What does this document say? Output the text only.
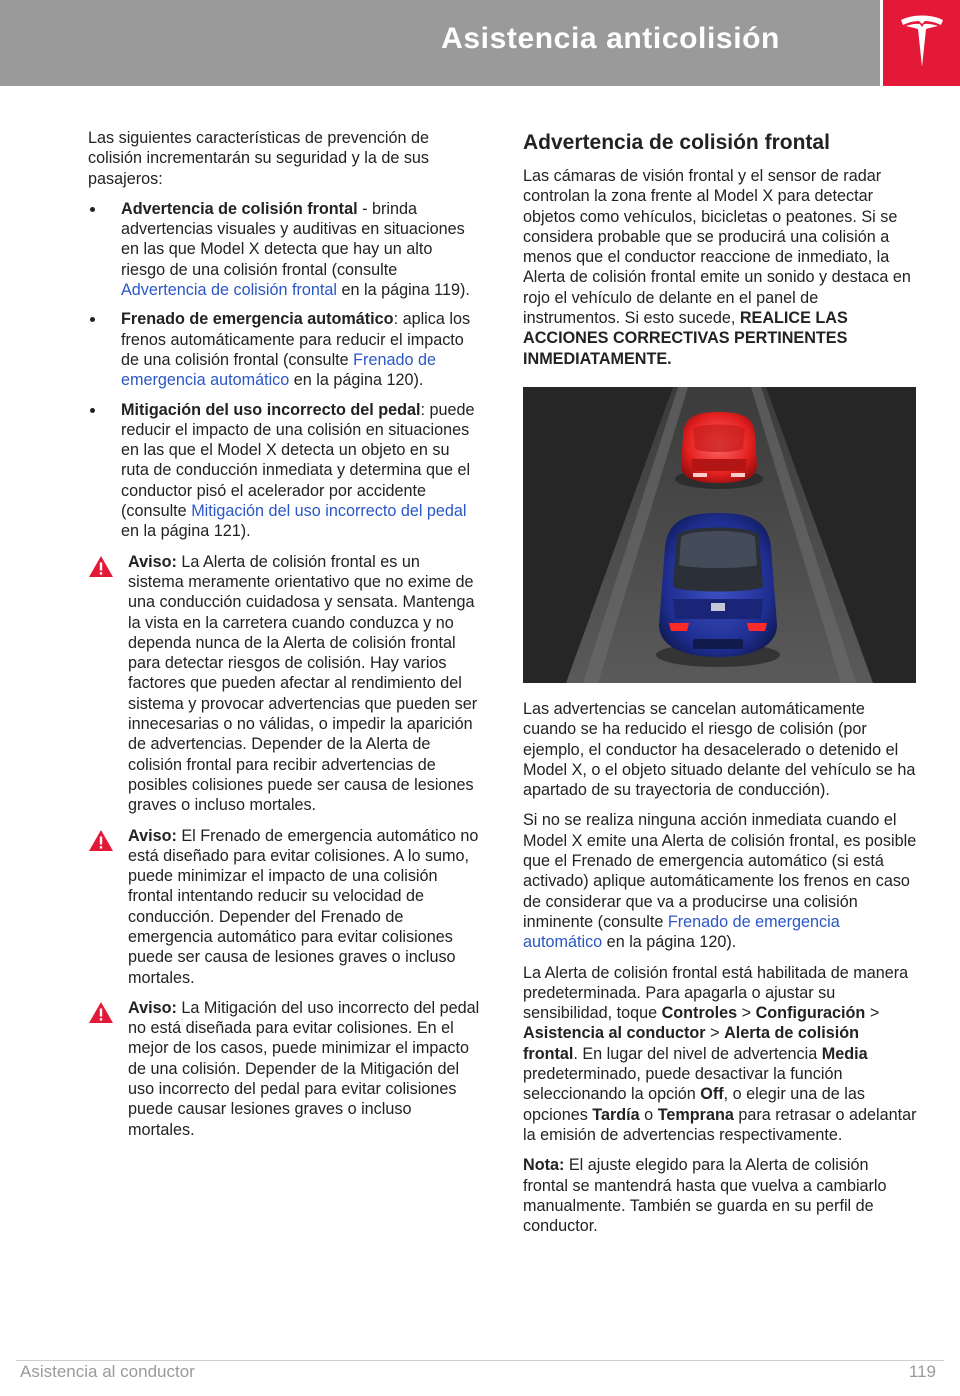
Asistencia anticolisión

Las siguientes características de prevención de colisión incrementarán su seguridad y la de sus pasajeros:

Advertencia de colisión frontal - brinda advertencias visuales y auditivas en situaciones en las que Model X detecta que hay un alto riesgo de una colisión frontal (consulte Advertencia de colisión frontal en la página 119).
Frenado de emergencia automático: aplica los frenos automáticamente para reducir el impacto de una colisión frontal (consulte Frenado de emergencia automático en la página 120).
Mitigación del uso incorrecto del pedal: puede reducir el impacto de una colisión en situaciones en las que el Model X detecta un objeto en su ruta de conducción inmediata y determina que el conductor pisó el acelerador por accidente (consulte Mitigación del uso incorrecto del pedal en la página 121).
Aviso: La Alerta de colisión frontal es un sistema meramente orientativo que no exime de una conducción cuidadosa y sensata. Mantenga la vista en la carretera cuando conduzca y no dependa nunca de la Alerta de colisión frontal para detectar riesgos de colisión. Hay varios factores que pueden afectar al rendimiento del sistema y provocar advertencias que pueden ser innecesarias o no válidas, o impedir la aparición de advertencias. Depender de la Alerta de colisión frontal para recibir advertencias de posibles colisiones puede ser causa de lesiones graves o incluso mortales.
Aviso: El Frenado de emergencia automático no está diseñado para evitar colisiones. A lo sumo, puede minimizar el impacto de una colisión frontal intentando reducir su velocidad de conducción. Depender del Frenado de emergencia automático para evitar colisiones puede ser causa de lesiones graves o incluso mortales.
Aviso: La Mitigación del uso incorrecto del pedal no está diseñada para evitar colisiones. En el mejor de los casos, puede minimizar el impacto de una colisión. Depender de la Mitigación del uso incorrecto del pedal para evitar colisiones puede causar lesiones graves o incluso mortales.
Advertencia de colisión frontal

Las cámaras de visión frontal y el sensor de radar controlan la zona frente al Model X para detectar objetos como vehículos, bicicletas o peatones. Si se considera probable que se producirá una colisión a menos que el conductor reaccione de inmediato, la Alerta de colisión frontal emite un sonido y destaca en rojo el vehículo de delante en el panel de instrumentos. Si esto sucede, REALICE LAS ACCIONES CORRECTIVAS PERTINENTES INMEDIATAMENTE.

Las advertencias se cancelan automáticamente cuando se ha reducido el riesgo de colisión (por ejemplo, el conductor ha desacelerado o detenido el Model X, o el objeto situado delante del vehículo se ha apartado de su trayectoria de conducción).

Si no se realiza ninguna acción inmediata cuando el Model X emite una Alerta de colisión frontal, es posible que el Frenado de emergencia automático (si está activado) aplique automáticamente los frenos en caso de considerar que va a producirse una colisión inminente (consulte Frenado de emergencia automático en la página 120).

La Alerta de colisión frontal está habilitada de manera predeterminada. Para apagarla o ajustar su sensibilidad, toque Controles > Configuración > Asistencia al conductor > Alerta de colisión frontal. En lugar del nivel de advertencia Media predeterminado, puede desactivar la función seleccionando la opción Off, o elegir una de las opciones Tardía o Temprana para retrasar o adelantar la emisión de advertencias respectivamente.

Nota: El ajuste elegido para la Alerta de colisión frontal se mantendrá hasta que vuelva a cambiarlo manualmente. También se guarda en su perfil de conductor.

Asistencia al conductor	119
